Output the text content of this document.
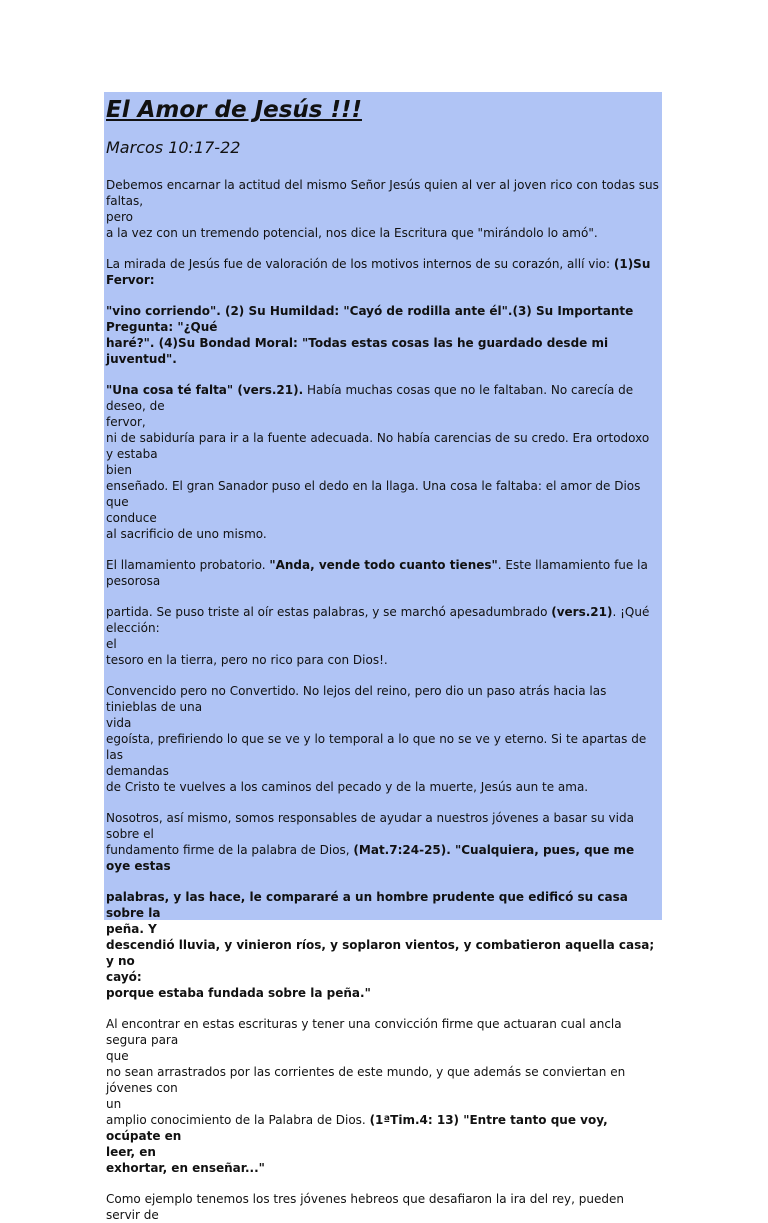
El Amor de Jesús !!!
Marcos 10:17-22

Debemos encarnar la actitud del mismo Señor Jesús quien al ver al joven rico con todas sus faltas,
pero
a la vez con un tremendo potencial, nos dice la Escritura que "mirándolo lo amó".

La mirada de Jesús fue de valoración de los motivos internos de su corazón, allí vio: (1)Su Fervor:
"vino corriendo". (2) Su Humildad: "Cayó de rodilla ante él".(3) Su Importante
Pregunta: "¿Qué
haré?". (4)Su Bondad Moral: "Todas estas cosas las he guardado desde mi juventud".

"Una cosa té falta" (vers.21). Había muchas cosas que no le faltaban. No carecía de deseo, de
fervor,
ni de sabiduría para ir a la fuente adecuada. No había carencias de su credo. Era ortodoxo y estaba
bien
enseñado. El gran Sanador puso el dedo en la llaga. Una cosa le faltaba: el amor de Dios que
conduce
al sacrificio de uno mismo.

El llamamiento probatorio. "Anda, vende todo cuanto tienes". Este llamamiento fue la pesorosa
partida. Se puso triste al oír estas palabras, y se marchó apesadumbrado (vers.21). ¡Qué elección:
el
tesoro en la tierra, pero no rico para con Dios!.

Convencido pero no Convertido. No lejos del reino, pero dio un paso atrás hacia las tinieblas de una
vida
egoísta, prefiriendo lo que se ve y lo temporal a lo que no se ve y eterno. Si te apartas de las
demandas
de Cristo te vuelves a los caminos del pecado y de la muerte, Jesús aun te ama.

Nosotros, así mismo, somos responsables de ayudar a nuestros jóvenes a basar su vida sobre el
fundamento firme de la palabra de Dios, (Mat.7:24-25). "Cualquiera, pues, que me oye estas
palabras, y las hace, le compararé a un hombre prudente que edificó su casa sobre la
peña. Y
descendió lluvia, y vinieron ríos, y soplaron vientos, y combatieron aquella casa; y no
cayó:
porque estaba fundada sobre la peña."

Al encontrar en estas escrituras y tener una convicción firme que actuaran cual ancla segura para
que
no sean arrastrados por las corrientes de este mundo, y que además se conviertan en jóvenes con
un
amplio conocimiento de la Palabra de Dios. (1ªTim.4: 13) "Entre tanto que voy, ocúpate en
leer, en
exhortar, en enseñar..."

Como ejemplo tenemos los tres jóvenes hebreos que desafiaron la ira del rey, pueden servir de
